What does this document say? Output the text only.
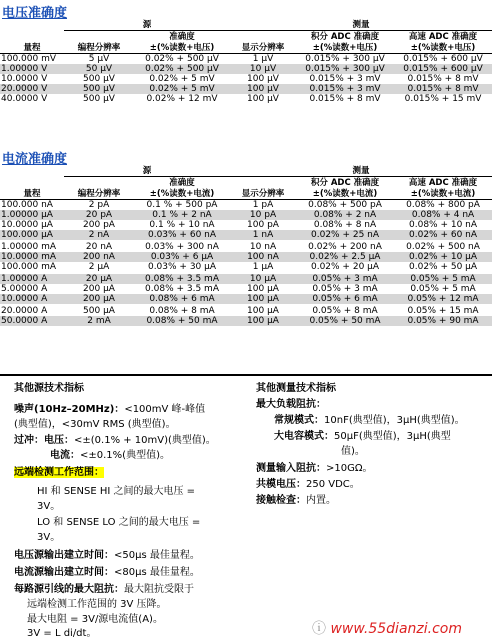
电压准确度
	源		测量		
		准确度		积分 ADC 准确度	高速 ADC 准确度
量程	编程分辨率	±(%读数+电压)	显示分辨率	±(%读数+电压)	±(%读数+电压)
100.000 mV	5 μV	0.02% + 500 μV	1 μV	0.015% + 300 μV	0.015% + 600 μV
1.00000 V	50 μV	0.02% + 500 μV	10 μV	0.015% + 300 μV	0.015% + 600 μV
10.0000 V	500 μV	0.02% + 5 mV	100 μV	0.015% + 3 mV	0.015% + 8 mV
20.0000 V	500 μV	0.02% + 5 mV	100 μV	0.015% + 3 mV	0.015% + 8 mV
40.0000 V	500 μV	0.02% + 12 mV	100 μV	0.015% + 8 mV	0.015% + 15 mV
电流准确度
	源		测量		
		准确度		积分 ADC 准确度	高速 ADC 准确度
量程	编程分辨率	±(%读数+电流)	显示分辨率	±(%读数+电流)	±(%读数+电流)
100.000 nA	2 pA	0.1 % + 500 pA	1 pA	0.08% + 500 pA	0.08% + 800 pA
1.00000 μA	20 pA	0.1 % + 2 nA	10 pA	0.08% + 2 nA	0.08% + 4 nA
10.0000 μA	200 pA	0.1 % + 10 nA	100 pA	0.08% + 8 nA	0.08% + 10 nA
100.000 μA	2 nA	0.03% + 60 nA	1 nA	0.02% + 25 nA	0.02% + 60 nA
1.00000 mA	20 nA	0.03% + 300 nA	10 nA	0.02% + 200 nA	0.02% + 500 nA
10.0000 mA	200 nA	0.03% + 6 μA	100 nA	0.02% + 2.5 μA	0.02% + 10 μA
100.000 mA	2 μA	0.03% + 30 μA	1 μA	0.02% + 20 μA	0.02% + 50 μA
1.00000 A	20 μA	0.08% + 3.5 mA	10 μA	0.05% + 3 mA	0.05% + 5 mA
5.00000 A	200 μA	0.08% + 3.5 mA	100 μA	0.05% + 3 mA	0.05% + 5 mA
10.0000 A	200 μA	0.08% + 6 mA	100 μA	0.05% + 6 mA	0.05% + 12 mA
20.0000 A	500 μA	0.08% + 8 mA	100 μA	0.05% + 8 mA	0.05% + 15 mA
50.0000 A	2 mA	0.08% + 50 mA	100 μA	0.05% + 50 mA	0.05% + 90 mA
其他源技术指标
噪声(10Hz–20MHz)：<100mV 峰-峰值
(典型值)，<30mV RMS (典型值)。
过冲：电压：<±(0.1% + 10mV)(典型值)。
电流：<±0.1%(典型值)。
远端检测工作范围：
HI 和 SENSE HI 之间的最大电压 =
3V。
LO 和 SENSE LO 之间的最大电压 =
3V。
电压源输出建立时间：<50μs 最佳量程。
电流源输出建立时间：<80μs 最佳量程。
每路源引线的最大阻抗：最大阻抗受限于
远端检测工作范围的 3V 压降。
最大电阻 = 3V/源电流值(A)。
3V = L di/dt。
其他测量技术指标
最大负载阻抗：
常规模式：10nF(典型值)，3μH(典型值)。
大电容模式：50μF(典型值)，3μH(典型
值)。
测量输入阻抗：>10GΩ。
共模电压：250 VDC。
接触检查：内置。
ⓘ www.55dianzi.com
